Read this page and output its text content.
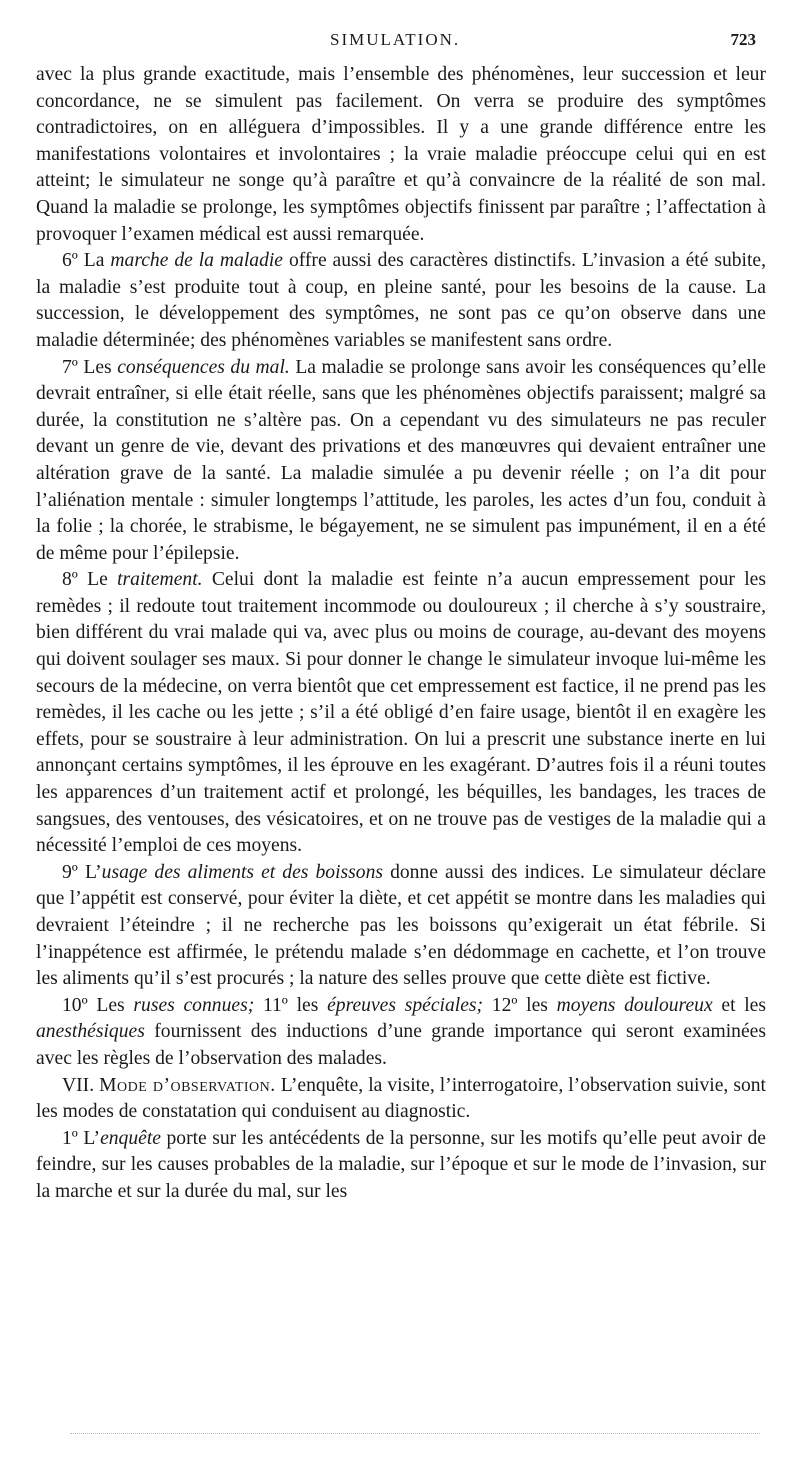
SIMULATION.	723

avec la plus grande exactitude, mais l’ensemble des phénomènes, leur succession et leur concordance, ne se simulent pas facilement. On verra se produire des symptômes contradictoires, on en alléguera d’impossibles. Il y a une grande différence entre les manifestations volontaires et involontaires ; la vraie maladie préoccupe celui qui en est atteint; le simulateur ne songe qu’à paraître et qu’à convaincre de la réalité de son mal. Quand la maladie se prolonge, les symptômes objectifs finissent par paraître ; l’affectation à provoquer l’examen médical est aussi remarquée.

6º La marche de la maladie offre aussi des caractères distinctifs. L’invasion a été subite, la maladie s’est produite tout à coup, en pleine santé, pour les besoins de la cause. La succession, le développement des symptômes, ne sont pas ce qu’on observe dans une maladie déterminée; des phénomènes variables se manifestent sans ordre.

7º Les conséquences du mal. La maladie se prolonge sans avoir les conséquences qu’elle devrait entraîner, si elle était réelle, sans que les phénomènes objectifs paraissent; malgré sa durée, la constitution ne s’altère pas. On a cependant vu des simulateurs ne pas reculer devant un genre de vie, devant des privations et des manœuvres qui devaient entraîner une altération grave de la santé. La maladie simulée a pu devenir réelle ; on l’a dit pour l’aliénation mentale : simuler longtemps l’attitude, les paroles, les actes d’un fou, conduit à la folie ; la chorée, le strabisme, le bégayement, ne se simulent pas impunément, il en a été de même pour l’épilepsie.

8º Le traitement. Celui dont la maladie est feinte n’a aucun empressement pour les remèdes ; il redoute tout traitement incommode ou douloureux ; il cherche à s’y soustraire, bien différent du vrai malade qui va, avec plus ou moins de courage, au-devant des moyens qui doivent soulager ses maux. Si pour donner le change le simulateur invoque lui-même les secours de la médecine, on verra bientôt que cet empressement est factice, il ne prend pas les remèdes, il les cache ou les jette ; s’il a été obligé d’en faire usage, bientôt il en exagère les effets, pour se soustraire à leur administration. On lui a prescrit une substance inerte en lui annonçant certains symptômes, il les éprouve en les exagérant. D’autres fois il a réuni toutes les apparences d’un traitement actif et prolongé, les béquilles, les bandages, les traces de sangsues, des ventouses, des vésicatoires, et on ne trouve pas de vestiges de la maladie qui a nécessité l’emploi de ces moyens.

9º L’usage des aliments et des boissons donne aussi des indices. Le simulateur déclare que l’appétit est conservé, pour éviter la diète, et cet appétit se montre dans les maladies qui devraient l’éteindre ; il ne recherche pas les boissons qu’exigerait un état fébrile. Si l’inappétence est affirmée, le prétendu malade s’en dédommage en cachette, et l’on trouve les aliments qu’il s’est procurés ; la nature des selles prouve que cette diète est fictive.

10º Les ruses connues; 11º les épreuves spéciales; 12º les moyens douloureux et les anesthésiques fournissent des inductions d’une grande importance qui seront examinées avec les règles de l’observation des malades.

VII. Mode d’observation. L’enquête, la visite, l’interrogatoire, l’observation suivie, sont les modes de constatation qui conduisent au diagnostic.

1º L’enquête porte sur les antécédents de la personne, sur les motifs qu’elle peut avoir de feindre, sur les causes probables de la maladie, sur l’époque et sur le mode de l’invasion, sur la marche et sur la durée du mal, sur les
